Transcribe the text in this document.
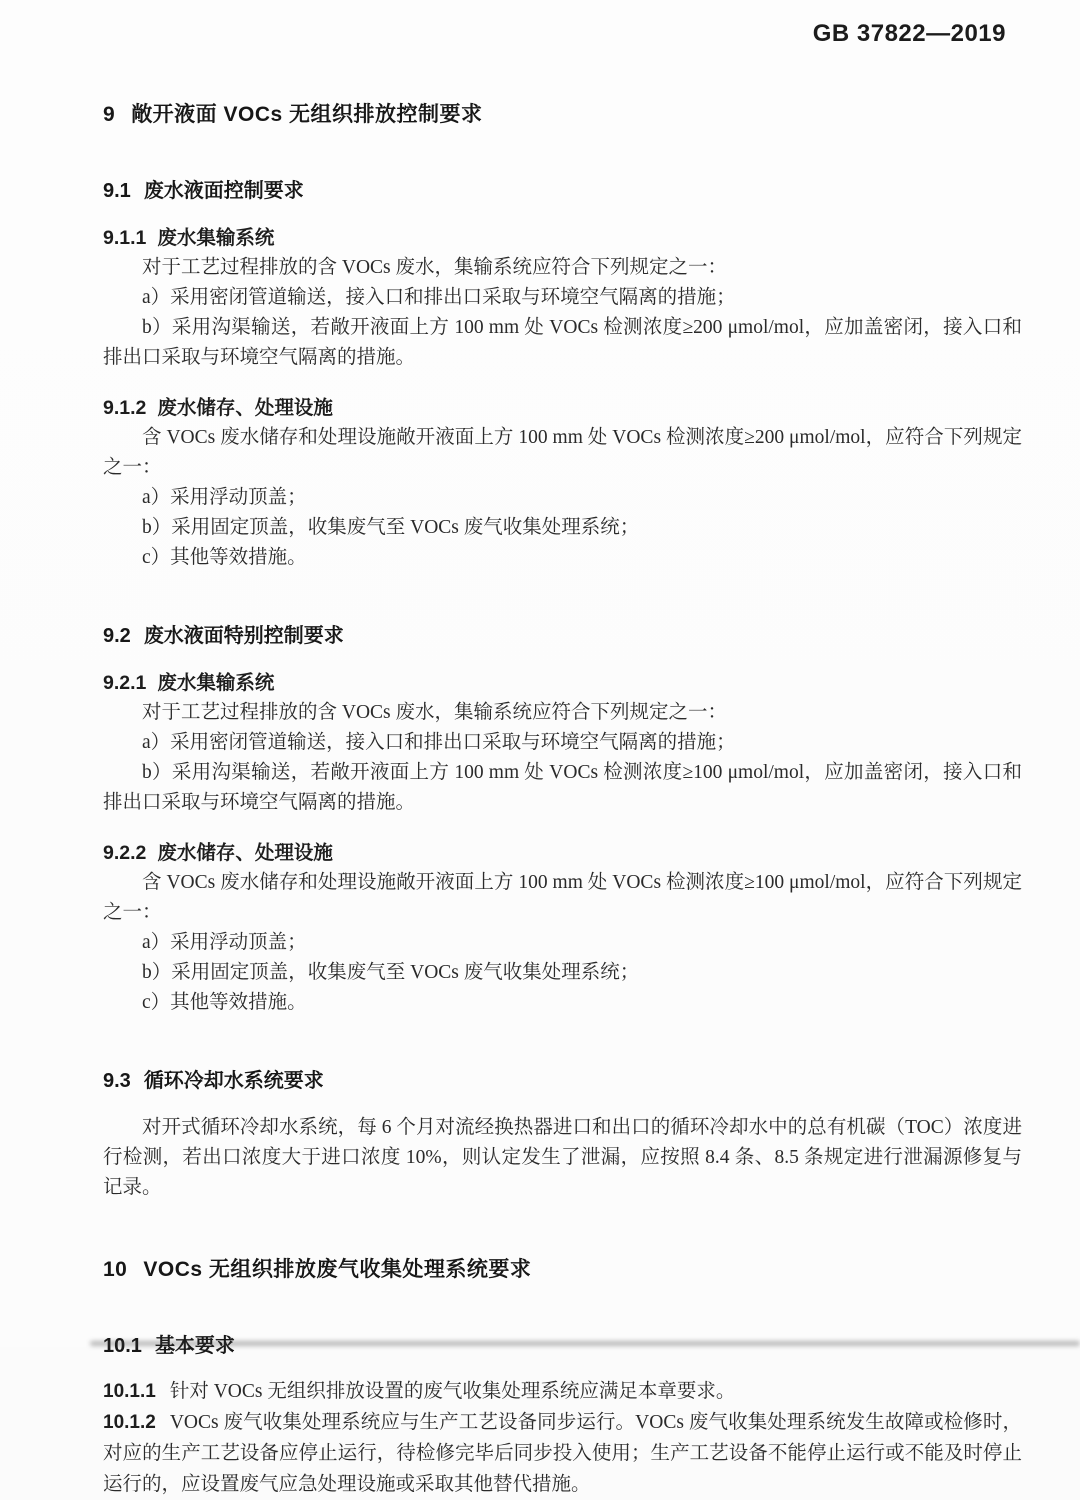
GB 37822—2019
9 敞开液面 VOCs 无组织排放控制要求
9.1 废水液面控制要求
9.1.1 废水集输系统
对于工艺过程排放的含 VOCs 废水，集输系统应符合下列规定之一：
a）采用密闭管道输送，接入口和排出口采取与环境空气隔离的措施；
b）采用沟渠输送，若敞开液面上方 100 mm 处 VOCs 检测浓度≥200 μmol/mol，应加盖密闭，接入口和排出口采取与环境空气隔离的措施。
9.1.2 废水储存、处理设施
含 VOCs 废水储存和处理设施敞开液面上方 100 mm 处 VOCs 检测浓度≥200 μmol/mol，应符合下列规定之一：
a）采用浮动顶盖；
b）采用固定顶盖，收集废气至 VOCs 废气收集处理系统；
c）其他等效措施。
9.2 废水液面特别控制要求
9.2.1 废水集输系统
对于工艺过程排放的含 VOCs 废水，集输系统应符合下列规定之一：
a）采用密闭管道输送，接入口和排出口采取与环境空气隔离的措施；
b）采用沟渠输送，若敞开液面上方 100 mm 处 VOCs 检测浓度≥100 μmol/mol，应加盖密闭，接入口和排出口采取与环境空气隔离的措施。
9.2.2 废水储存、处理设施
含 VOCs 废水储存和处理设施敞开液面上方 100 mm 处 VOCs 检测浓度≥100 μmol/mol，应符合下列规定之一：
a）采用浮动顶盖；
b）采用固定顶盖，收集废气至 VOCs 废气收集处理系统；
c）其他等效措施。
9.3 循环冷却水系统要求
对开式循环冷却水系统，每 6 个月对流经换热器进口和出口的循环冷却水中的总有机碳（TOC）浓度进行检测，若出口浓度大于进口浓度 10%，则认定发生了泄漏，应按照 8.4 条、8.5 条规定进行泄漏源修复与记录。
10 VOCs 无组织排放废气收集处理系统要求
10.1 基本要求
10.1.1 针对 VOCs 无组织排放设置的废气收集处理系统应满足本章要求。
10.1.2 VOCs 废气收集处理系统应与生产工艺设备同步运行。VOCs 废气收集处理系统发生故障或检修时，对应的生产工艺设备应停止运行，待检修完毕后同步投入使用；生产工艺设备不能停止运行或不能及时停止运行的，应设置废气应急处理设施或采取其他替代措施。
